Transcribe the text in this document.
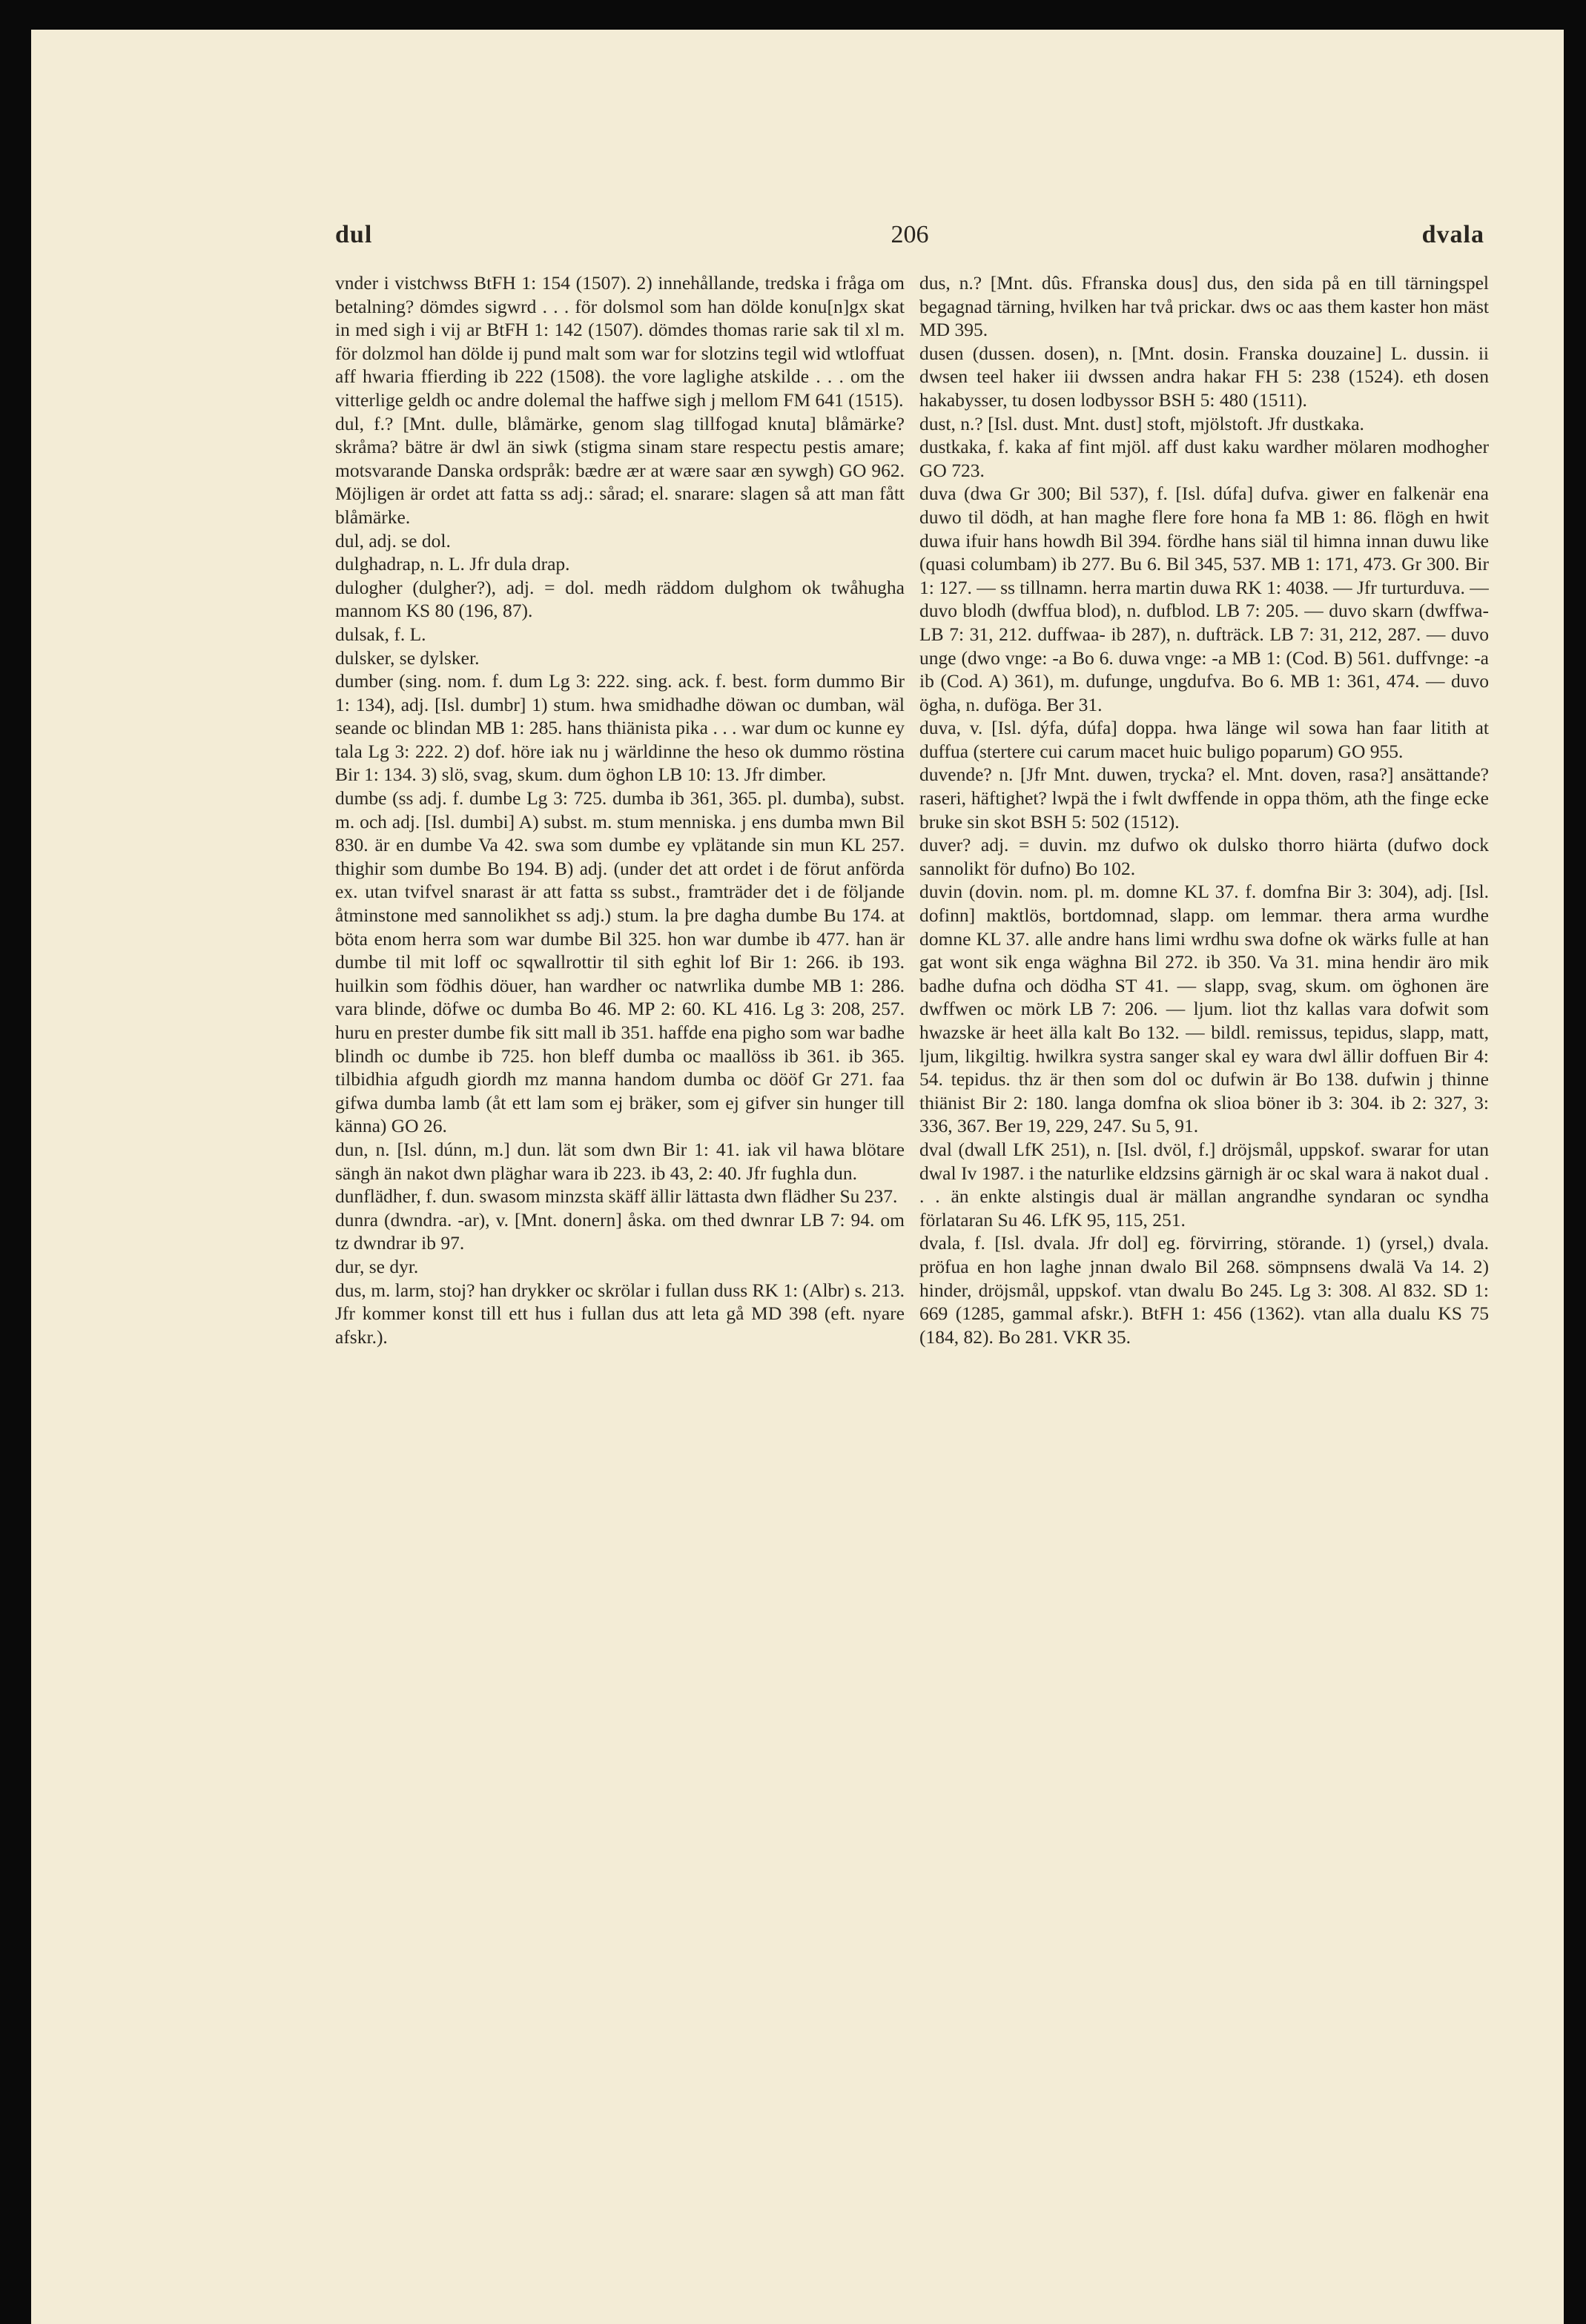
dul	206	dvala

vnder i vistchwss BtFH 1: 154 (1507). 2) innehållande, tredska i fråga om betalning? dömdes sigwrd . . . för dolsmol som han dölde konu[n]gx skat in med sigh i vij ar BtFH 1: 142 (1507). dömdes thomas rarie sak til xl m. för dolzmol han dölde ij pund malt som war for slotzins tegil wid wtloffuat aff hwaria ffierding ib 222 (1508). the vore laglighe atskilde . . . om the vitterlige geldh oc andre dolemal the haffwe sigh j mellom FM 641 (1515).

dul, f.? [Mnt. dulle, blåmärke, genom slag tillfogad knuta] blåmärke? skråma? bätre är dwl än siwk (stigma sinam stare respectu pestis amare; motsvarande Danska ordspråk: bædre ær at wære saar æn sywgh) GO 962. Möjligen är ordet att fatta ss adj.: sårad; el. snarare: slagen så att man fått blåmärke.

dul, adj. se dol.

dulghadrap, n. L. Jfr dula drap.

dulogher (dulgher?), adj. = dol. medh räddom dulghom ok twåhugha mannom KS 80 (196, 87).

dulsak, f. L.

dulsker, se dylsker.

dumber (sing. nom. f. dum Lg 3: 222. sing. ack. f. best. form dummo Bir 1: 134), adj. [Isl. dumbr] 1) stum. hwa smidhadhe döwan oc dumban, wäl seande oc blindan MB 1: 285. hans thiänista pika . . . war dum oc kunne ey tala Lg 3: 222. 2) dof. höre iak nu j wärldinne the heso ok dummo röstina Bir 1: 134. 3) slö, svag, skum. dum öghon LB 10: 13. Jfr dimber.

dumbe (ss adj. f. dumbe Lg 3: 725. dumba ib 361, 365. pl. dumba), subst. m. och adj. [Isl. dumbi] A) subst. m. stum menniska. j ens dumba mwn Bil 830. är en dumbe Va 42. swa som dumbe ey vplätande sin mun KL 257. thighir som dumbe Bo 194. B) adj. (under det att ordet i de förut anförda ex. utan tvifvel snarast är att fatta ss subst., framträder det i de följande åtminstone med sannolikhet ss adj.) stum. la þre dagha dumbe Bu 174. at böta enom herra som war dumbe Bil 325. hon war dumbe ib 477. han är dumbe til mit loff oc sqwallrottir til sith eghit lof Bir 1: 266. ib 193. huilkin som födhis döuer, han wardher oc natwrlika dumbe MB 1: 286. vara blinde, döfwe oc dumba Bo 46. MP 2: 60. KL 416. Lg 3: 208, 257. huru en prester dumbe fik sitt mall ib 351. haffde ena pigho som war badhe blindh oc dumbe ib 725. hon bleff dumba oc maallöss ib 361. ib 365. tilbidhia afgudh giordh mz manna handom dumba oc dööf Gr 271. faa gifwa dumba lamb (åt ett lam som ej bräker, som ej gifver sin hunger till känna) GO 26.

dun, n. [Isl. dúnn, m.] dun. lät som dwn Bir 1: 41. iak vil hawa blötare sängh än nakot dwn pläghar wara ib 223. ib 43, 2: 40. Jfr fughla dun.

dunflädher, f. dun. swasom minzsta skäff ällir lättasta dwn flädher Su 237.

dunra (dwndra. -ar), v. [Mnt. donern] åska. om thed dwnrar LB 7: 94. om tz dwndrar ib 97.

dur, se dyr.

dus, m. larm, stoj? han drykker oc skrölar i fullan duss RK 1: (Albr) s. 213. Jfr kommer konst till ett hus i fullan dus att leta gå MD 398 (eft. nyare afskr.).

dus, n.? [Mnt. dûs. Ffranska dous] dus, den sida på en till tärningspel begagnad tärning, hvilken har två prickar. dws oc aas them kaster hon mäst MD 395.

dusen (dussen. dosen), n. [Mnt. dosin. Franska douzaine] L. dussin. ii dwsen teel haker iii dwssen andra hakar FH 5: 238 (1524). eth dosen hakabysser, tu dosen lodbyssor BSH 5: 480 (1511).

dust, n.? [Isl. dust. Mnt. dust] stoft, mjölstoft. Jfr dustkaka.

dustkaka, f. kaka af fint mjöl. aff dust kaku wardher mölaren modhogher GO 723.

duva (dwa Gr 300; Bil 537), f. [Isl. dúfa] dufva. giwer en falkenär ena duwo til dödh, at han maghe flere fore hona fa MB 1: 86. flögh en hwit duwa ifuir hans howdh Bil 394. fördhe hans siäl til himna innan duwu like (quasi columbam) ib 277. Bu 6. Bil 345, 537. MB 1: 171, 473. Gr 300. Bir 1: 127. — ss tillnamn. herra martin duwa RK 1: 4038. — Jfr turturduva. —

duvo blodh (dwffua blod), n. dufblod. LB 7: 205. — duvo skarn (dwffwa- LB 7: 31, 212. duffwaa- ib 287), n. dufträck. LB 7: 31, 212, 287. — duvo unge (dwo vnge: -a Bo 6. duwa vnge: -a MB 1: (Cod. B) 561. duffvnge: -a ib (Cod. A) 361), m. dufunge, ungdufva. Bo 6. MB 1: 361, 474. — duvo ögha, n. duföga. Ber 31.

duva, v. [Isl. dýfa, dúfa] doppa. hwa länge wil sowa han faar litith at duffua (stertere cui carum macet huic buligo poparum) GO 955.

duvende? n. [Jfr Mnt. duwen, trycka? el. Mnt. doven, rasa?] ansättande? raseri, häftighet? lwpä the i fwlt dwffende in oppa thöm, ath the finge ecke bruke sin skot BSH 5: 502 (1512).

duver? adj. = duvin. mz dufwo ok dulsko thorro hiärta (dufwo dock sannolikt för dufno) Bo 102.

duvin (dovin. nom. pl. m. domne KL 37. f. domfna Bir 3: 304), adj. [Isl. dofinn] maktlös, bortdomnad, slapp. om lemmar. thera arma wurdhe domne KL 37. alle andre hans limi wrdhu swa dofne ok wärks fulle at han gat wont sik enga wäghna Bil 272. ib 350. Va 31. mina hendir äro mik badhe dufna och dödha ST 41. — slapp, svag, skum. om öghonen äre dwffwen oc mörk LB 7: 206. — ljum. liot thz kallas vara dofwit som hwazske är heet älla kalt Bo 132. — bildl. remissus, tepidus, slapp, matt, ljum, likgiltig. hwilkra systra sanger skal ey wara dwl ällir doffuen Bir 4: 54. tepidus. thz är then som dol oc dufwin är Bo 138. dufwin j thinne thiänist Bir 2: 180. langa domfna ok slioa böner ib 3: 304. ib 2: 327, 3: 336, 367. Ber 19, 229, 247. Su 5, 91.

dval (dwall LfK 251), n. [Isl. dvöl, f.] dröjsmål, uppskof. swarar for utan dwal Iv 1987. i the naturlike eldzsins gärnigh är oc skal wara ä nakot dual . . . än enkte alstingis dual är mällan angrandhe syndaran oc syndha förlataran Su 46. LfK 95, 115, 251.

dvala, f. [Isl. dvala. Jfr dol] eg. förvirring, störande. 1) (yrsel,) dvala. pröfua en hon laghe jnnan dwalo Bil 268. sömpnsens dwalä Va 14. 2) hinder, dröjsmål, uppskof. vtan dwalu Bo 245. Lg 3: 308. Al 832. SD 1: 669 (1285, gammal afskr.). BtFH 1: 456 (1362). vtan alla dualu KS 75 (184, 82). Bo 281. VKR 35.
